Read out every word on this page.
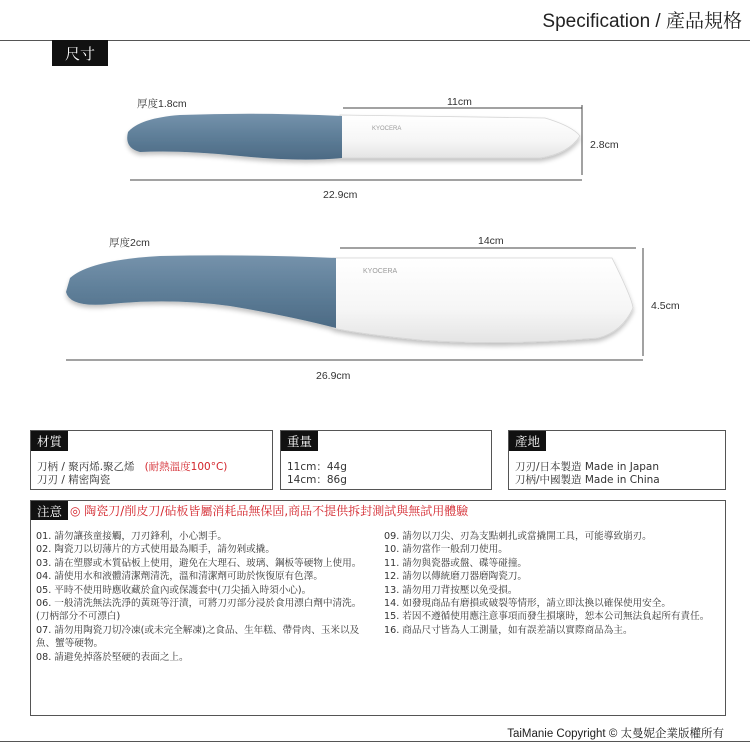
Specification / 產品規格
尺寸
KYOCERA
KYOCERA
厚度1.8cm	11cm
2.8cm
22.9cm
厚度2cm	14cm
4.5cm
26.9cm
材質
刀柄 / 聚丙烯.聚乙烯 (耐熱溫度100°C)
刀刃 / 精密陶瓷
重量
11cm：44g
14cm：86g
產地
刀刃/日本製造 Made in Japan
刀柄/中國製造 Made in China
注意 ◎ 陶瓷刀/削皮刀/砧板皆屬消耗品無保固,商品不提供拆封測試與無試用體驗
01. 請勿讓孩童接觸，刀刃鋒利，小心割手。
02. 陶瓷刀以切薄片的方式使用最為順手，請勿剁或撬。
03. 請在塑膠或木質砧板上使用，避免在大理石、玻璃、鋼板等硬物上使用。
04. 請使用水和液體清潔劑清洗，溫和清潔劑可助於恢復原有色澤。
05. 平時不使用時應收藏於盒內或保護套中(刀尖插入時須小心)。
06. 一般清洗無法洗淨的黃斑等汙漬，可將刀刃部分浸於食用漂白劑中清洗。(刀柄部分不可漂白)
07. 請勿用陶瓷刀切冷凍(或未完全解凍)之食品、生年糕、帶骨肉、玉米以及魚、蟹等硬物。
08. 請避免掉落於堅硬的表面之上。
09. 請勿以刀尖、刃為支點刺扎或當撬開工具，可能導致崩刃。
10. 請勿當作一般刮刀使用。
11. 請勿與瓷器或盤、碟等碰撞。
12. 請勿以傳統磨刀器磨陶瓷刀。
13. 請勿用刀背按壓以免受損。
14. 如發現商品有磨損或破裂等情形，請立即汰換以確保使用安全。
15. 若因不遵循使用應注意事項而發生損壞時，恕本公司無法負起所有責任。
16. 商品尺寸皆為人工測量，如有誤差請以實際商品為主。
TaiManie Copyright © 太曼妮企業版權所有
